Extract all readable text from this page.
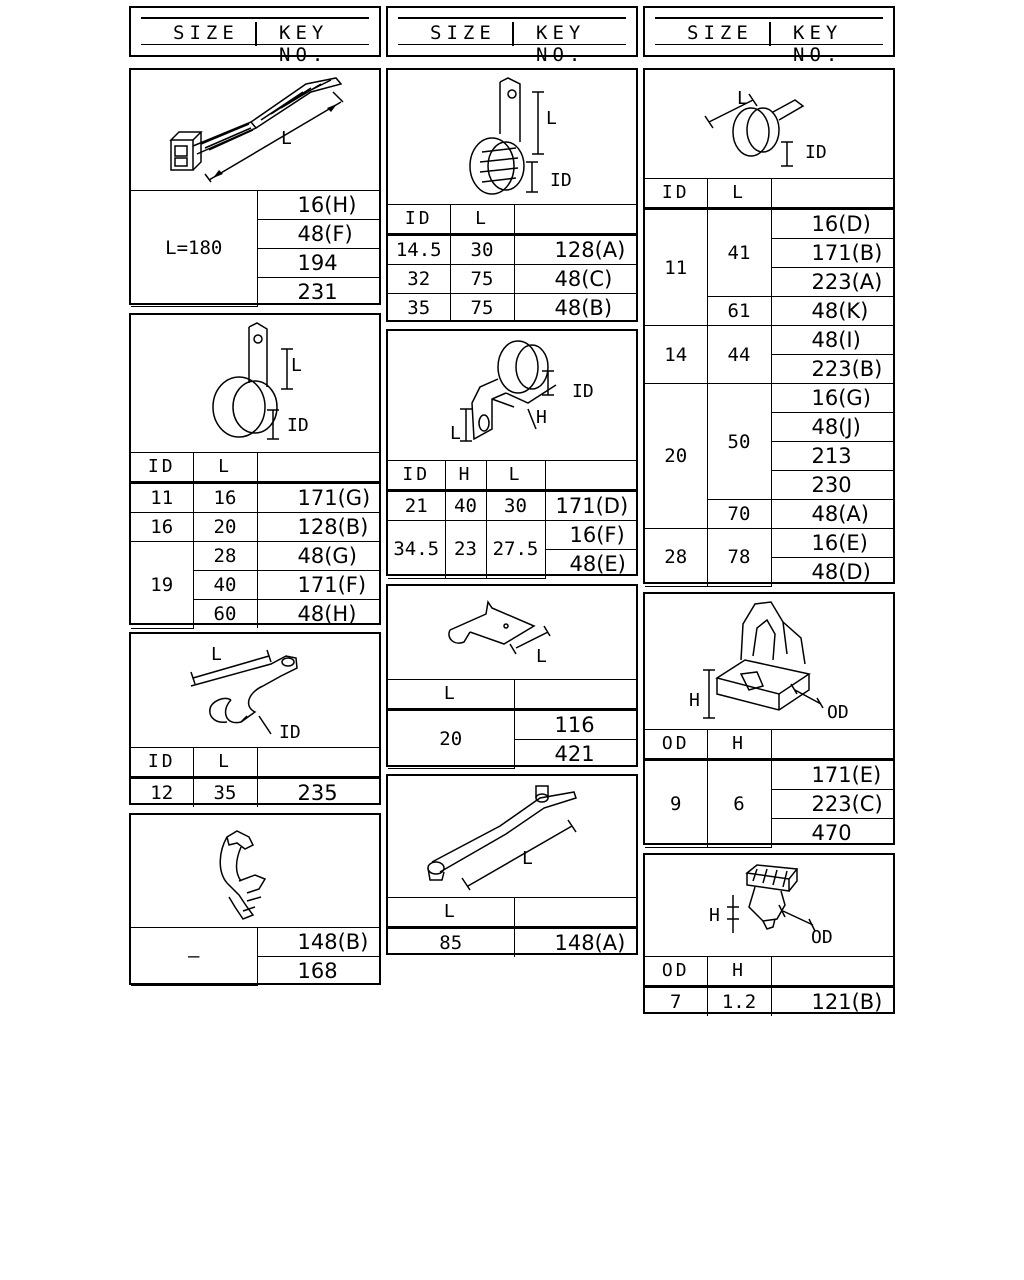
SIZE KEY NO.
SIZE KEY NO.
SIZE KEY NO.
L
L=180	16(H)
48(F)
194
231
L
ID
ID	L	
11	16	171(G)
16	20	128(B)
19	28	48(G)
	40	171(F)
	60	48(H)
L
ID
ID	L	
12	35	235
—	148(B)
168
L
ID
ID	L	
14.5	30	128(A)
32	75	48(C)
35	75	48(B)
ID
H
L
ID	H	L	
21	40	30	171(D)
34.5	23	27.5	16(F)
			48(E)
L
L	
20	116
	421
L
L	
85	148(A)
L
ID
ID	L	
11	41	16(D)
		171(B)
		223(A)
	61	48(K)
14	44	48(I)
		223(B)
20	50	16(G)
		48(J)
		213
		230
	70	48(A)
28	78	16(E)
		48(D)
H
OD
OD	H	
9	6	171(E)
		223(C)
		470
H
OD
OD	H	
7	1.2	121(B)
